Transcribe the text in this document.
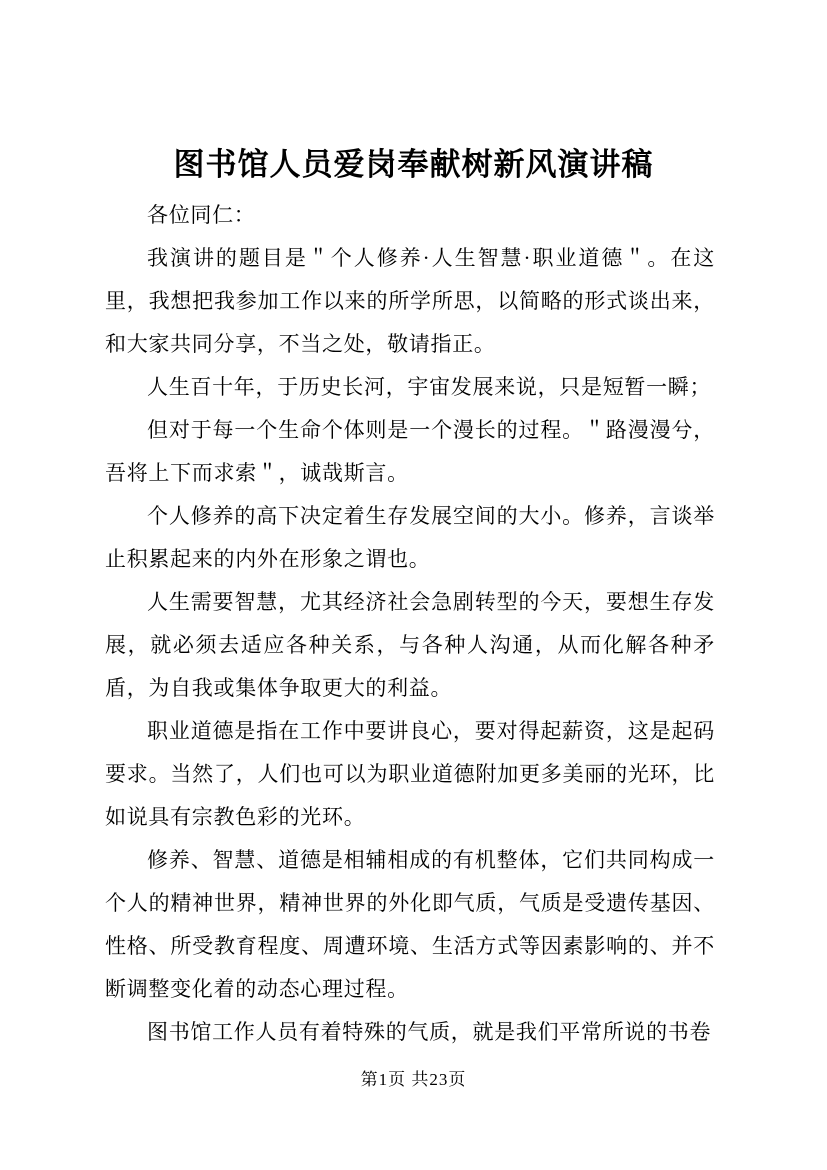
图书馆人员爱岗奉献树新风演讲稿

各位同仁：

我演讲的题目是＂个人修养·人生智慧·职业道德＂。在这里，我想把我参加工作以来的所学所思，以简略的形式谈出来，和大家共同分享，不当之处，敬请指正。

人生百十年，于历史长河，宇宙发展来说，只是短暂一瞬；

但对于每一个生命个体则是一个漫长的过程。＂路漫漫兮，吾将上下而求索＂，诚哉斯言。

个人修养的高下决定着生存发展空间的大小。修养，言谈举止积累起来的内外在形象之谓也。

人生需要智慧，尤其经济社会急剧转型的今天，要想生存发展，就必须去适应各种关系，与各种人沟通，从而化解各种矛盾，为自我或集体争取更大的利益。

职业道德是指在工作中要讲良心，要对得起薪资，这是起码要求。当然了，人们也可以为职业道德附加更多美丽的光环，比如说具有宗教色彩的光环。

修养、智慧、道德是相辅相成的有机整体，它们共同构成一个人的精神世界，精神世界的外化即气质，气质是受遗传基因、性格、所受教育程度、周遭环境、生活方式等因素影响的、并不断调整变化着的动态心理过程。

图书馆工作人员有着特殊的气质，就是我们平常所说的书卷

第1页 共23页
